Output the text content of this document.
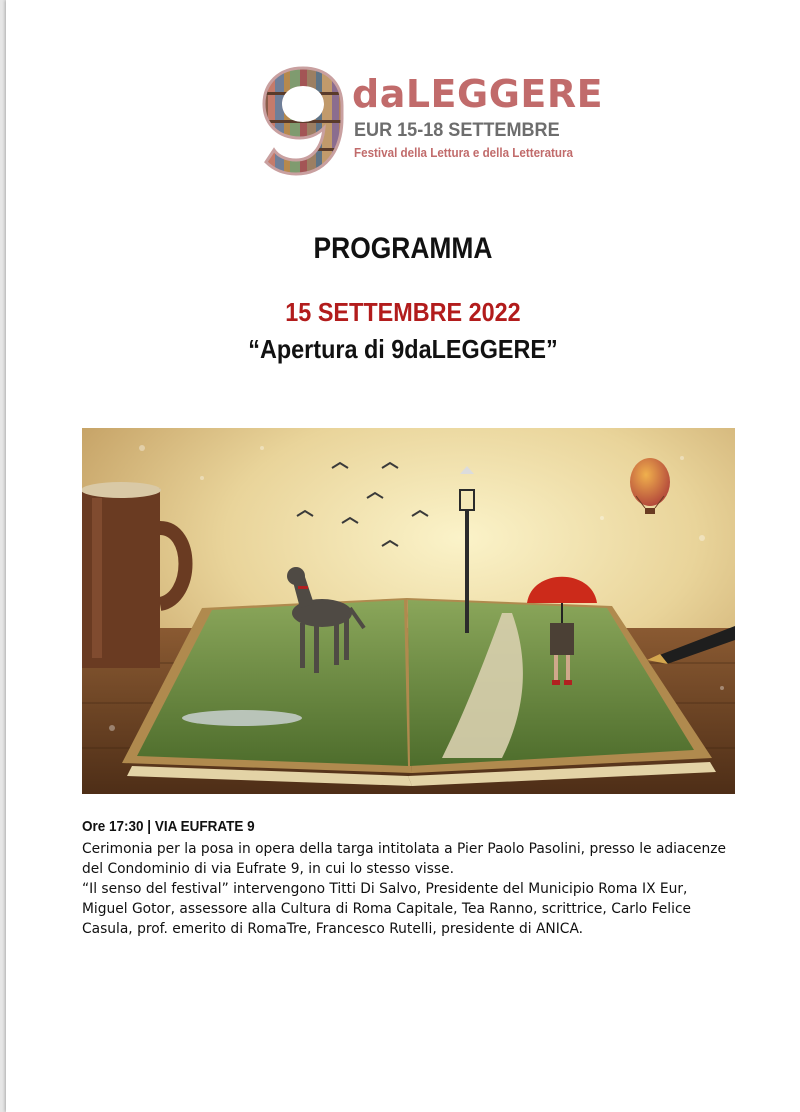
daLEGGERE
EUR 15-18 SETTEMBRE
Festival della Lettura e della Letteratura
PROGRAMMA
15 SETTEMBRE 2022
“Apertura di 9daLEGGERE”
Ore 17:30 | VIA EUFRATE 9

Cerimonia per la posa in opera della targa intitolata a Pier Paolo Pasolini, presso le adiacenze del Condominio di via Eufrate 9, in cui lo stesso visse.

“Il senso del festival” intervengono Titti Di Salvo, Presidente del Municipio Roma IX Eur, Miguel Gotor, assessore alla Cultura di Roma Capitale, Tea Ranno, scrittrice, Carlo Felice Casula, prof. emerito di RomaTre, Francesco Rutelli, presidente di ANICA.
